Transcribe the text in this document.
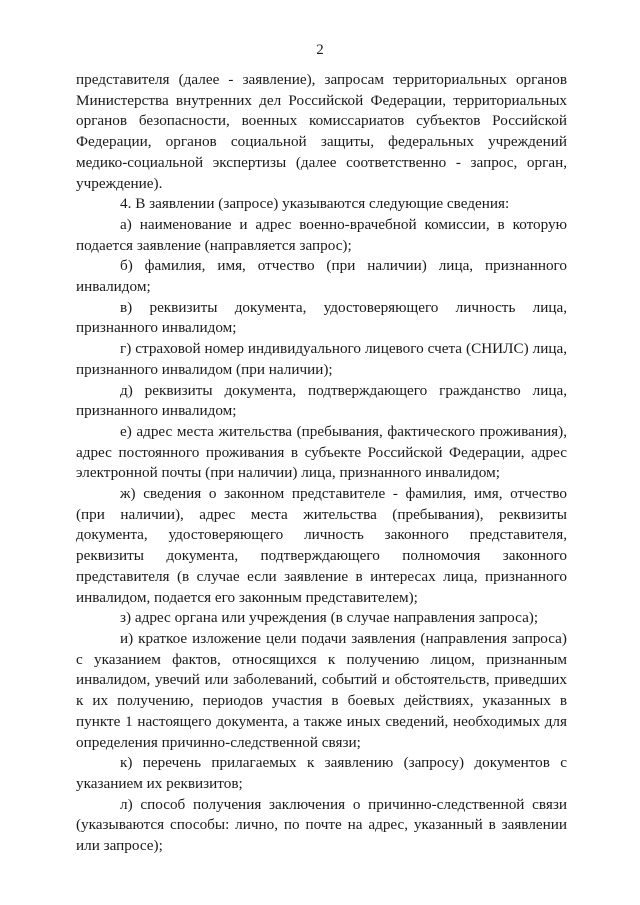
2

представителя (далее - заявление), запросам территориальных органов Министерства внутренних дел Российской Федерации, территориальных органов безопасности, военных комиссариатов субъектов Российской Федерации, органов социальной защиты, федеральных учреждений медико-социальной экспертизы (далее соответственно - запрос, орган, учреждение).

4. В заявлении (запросе) указываются следующие сведения:

а) наименование и адрес военно-врачебной комиссии, в которую подается заявление (направляется запрос);

б) фамилия, имя, отчество (при наличии) лица, признанного инвалидом;

в) реквизиты документа, удостоверяющего личность лица, признанного инвалидом;

г) страховой номер индивидуального лицевого счета (СНИЛС) лица, признанного инвалидом (при наличии);

д) реквизиты документа, подтверждающего гражданство лица, признанного инвалидом;

е) адрес места жительства (пребывания, фактического проживания), адрес постоянного проживания в субъекте Российской Федерации, адрес электронной почты (при наличии) лица, признанного инвалидом;

ж) сведения о законном представителе - фамилия, имя, отчество (при наличии), адрес места жительства (пребывания), реквизиты документа, удостоверяющего личность законного представителя, реквизиты документа, подтверждающего полномочия законного представителя (в случае если заявление в интересах лица, признанного инвалидом, подается его законным представителем);

з) адрес органа или учреждения (в случае направления запроса);

и) краткое изложение цели подачи заявления (направления запроса) с указанием фактов, относящихся к получению лицом, признанным инвалидом, увечий или заболеваний, событий и обстоятельств, приведших к их получению, периодов участия в боевых действиях, указанных в пункте 1 настоящего документа, а также иных сведений, необходимых для определения причинно-следственной связи;

к) перечень прилагаемых к заявлению (запросу) документов с указанием их реквизитов;

л) способ получения заключения о причинно-следственной связи (указываются способы: лично, по почте на адрес, указанный в заявлении или запросе);
